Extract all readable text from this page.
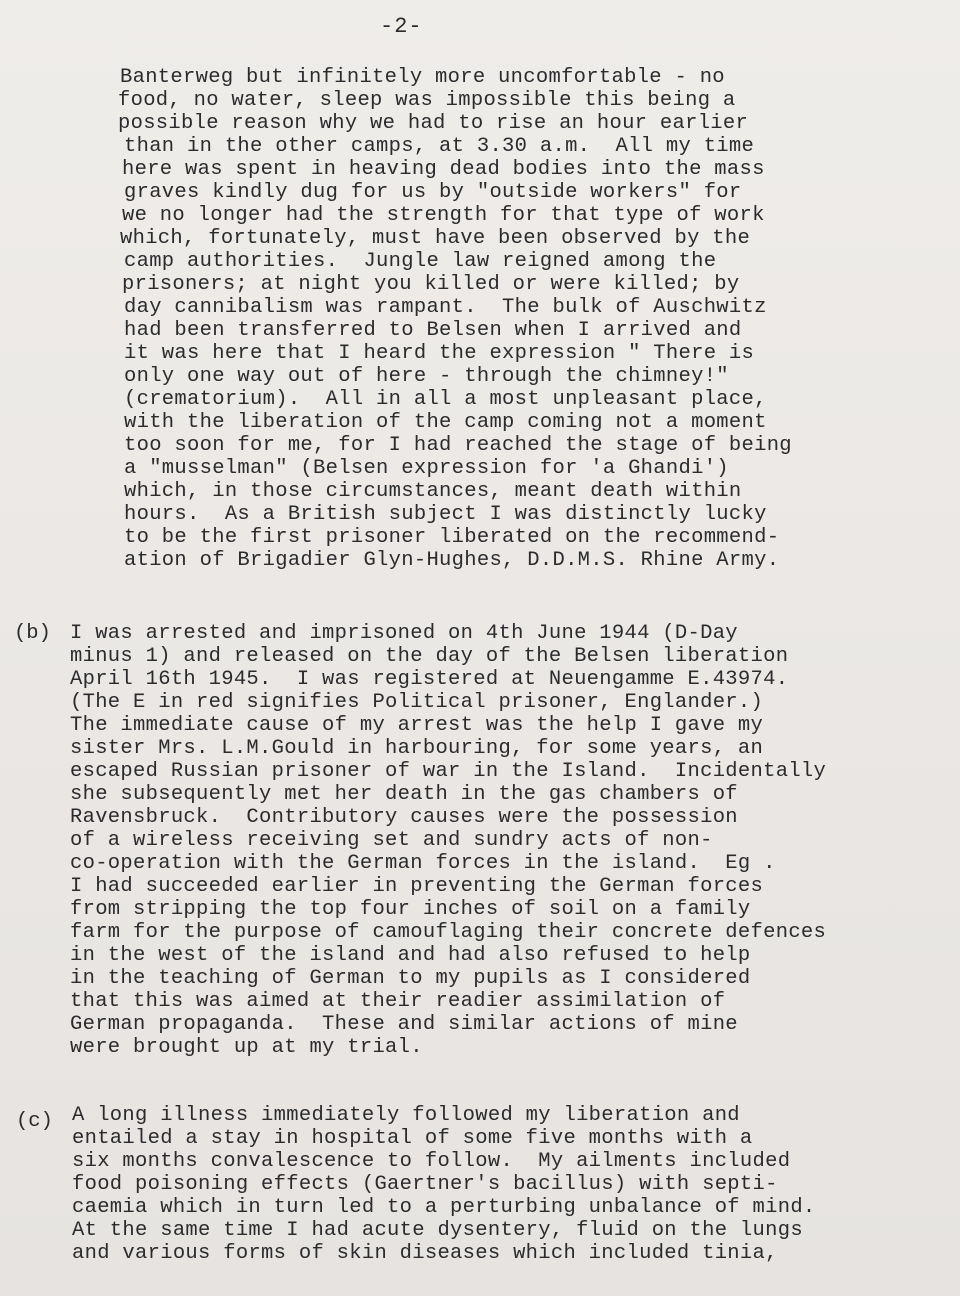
-2-
Banterweg but infinitely more uncomfortable - no
food, no water, sleep was impossible this being a
possible reason why we had to rise an hour earlier
than in the other camps, at 3.30 a.m.  All my time
here was spent in heaving dead bodies into the mass
graves kindly dug for us by "outside workers" for
we no longer had the strength for that type of work
which, fortunately, must have been observed by the
camp authorities.  Jungle law reigned among the
prisoners; at night you killed or were killed; by
day cannibalism was rampant.  The bulk of Auschwitz
had been transferred to Belsen when I arrived and
it was here that I heard the expression " There is
only one way out of here - through the chimney!"
(crematorium).  All in all a most unpleasant place,
with the liberation of the camp coming not a moment
too soon for me, for I had reached the stage of being
a "musselman" (Belsen expression for 'a Ghandi')
which, in those circumstances, meant death within
hours.  As a British subject I was distinctly lucky
to be the first prisoner liberated on the recommend-
ation of Brigadier Glyn-Hughes, D.D.M.S. Rhine Army.
(b) I was arrested and imprisoned on 4th June 1944 (D-Day
minus 1) and released on the day of the Belsen liberation
April 16th 1945.  I was registered at Neuengamme E.43974.
(The E in red signifies Political prisoner, Englander.)
The immediate cause of my arrest was the help I gave my
sister Mrs. L.M.Gould in harbouring, for some years, an
escaped Russian prisoner of war in the Island.  Incidentally
she subsequently met her death in the gas chambers of
Ravensbruck.  Contributory causes were the possession
of a wireless receiving set and sundry acts of non-
co-operation with the German forces in the island.  Eg .
I had succeeded earlier in preventing the German forces
from stripping the top four inches of soil on a family
farm for the purpose of camouflaging their concrete defences
in the west of the island and had also refused to help
in the teaching of German to my pupils as I considered
that this was aimed at their readier assimilation of
German propaganda.  These and similar actions of mine
were brought up at my trial.
(c) A long illness immediately followed my liberation and
entailed a stay in hospital of some five months with a
six months convalescence to follow.  My ailments included
food poisoning effects (Gaertner's bacillus) with septi-
caemia which in turn led to a perturbing unbalance of mind.
At the same time I had acute dysentery, fluid on the lungs
and various forms of skin diseases which included tinia,
